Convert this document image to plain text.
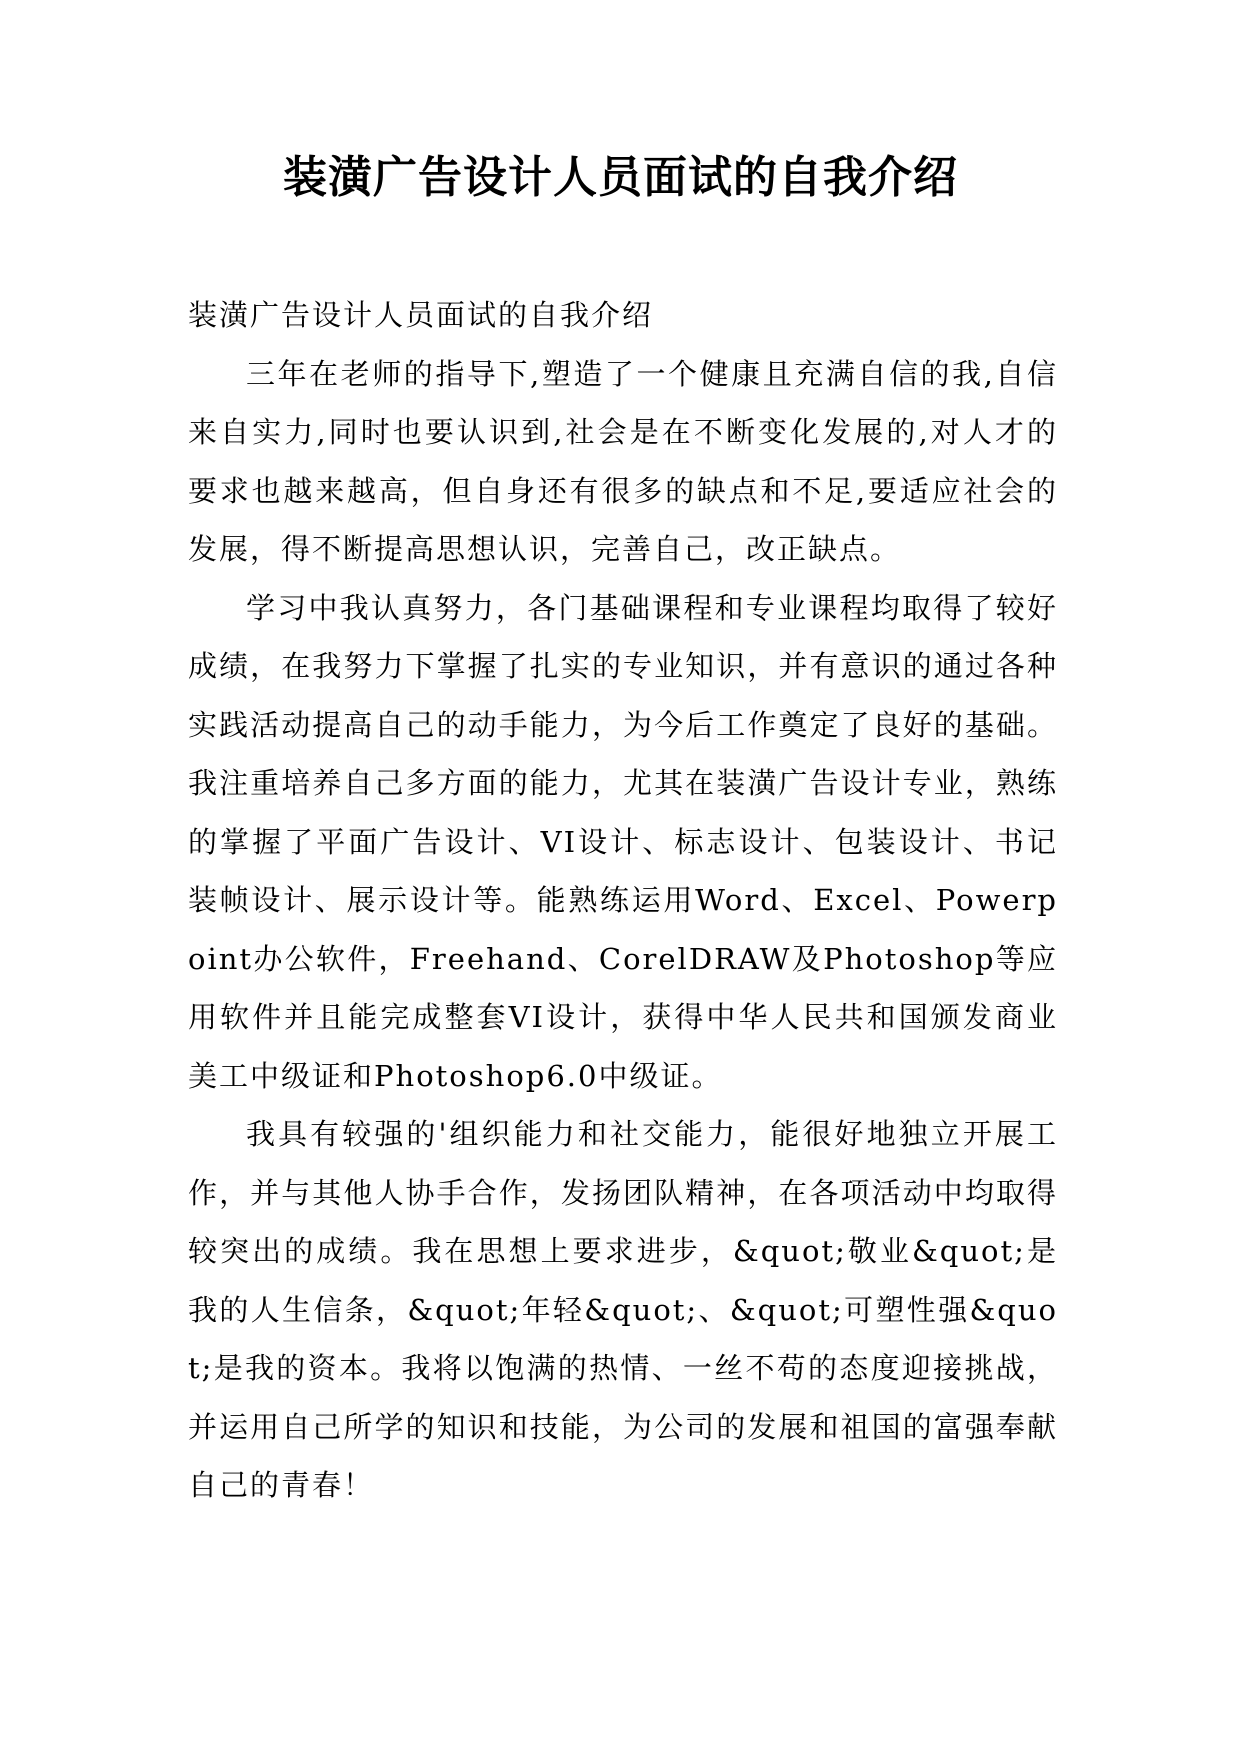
装潢广告设计人员面试的自我介绍

装潢广告设计人员面试的自我介绍

三年在老师的指导下,塑造了一个健康且充满自信的我,自信来自实力,同时也要认识到,社会是在不断变化发展的,对人才的要求也越来越高，但自身还有很多的缺点和不足,要适应社会的发展，得不断提高思想认识，完善自己，改正缺点。

学习中我认真努力，各门基础课程和专业课程均取得了较好成绩，在我努力下掌握了扎实的专业知识，并有意识的通过各种实践活动提高自己的动手能力，为今后工作奠定了良好的基础。我注重培养自己多方面的能力，尤其在装潢广告设计专业，熟练的掌握了平面广告设计、VI设计、标志设计、包装设计、书记装帧设计、展示设计等。能熟练运用Word、Excel、Powerpoint办公软件，Freehand、CorelDRAW及Photoshop等应用软件并且能完成整套VI设计，获得中华人民共和国颁发商业美工中级证和Photoshop6.0中级证。

我具有较强的'组织能力和社交能力，能很好地独立开展工作，并与其他人协手合作，发扬团队精神，在各项活动中均取得较突出的成绩。我在思想上要求进步，&quot;敬业&quot;是我的人生信条，&quot;年轻&quot;、&quot;可塑性强&quot;是我的资本。我将以饱满的热情、一丝不苟的态度迎接挑战，并运用自己所学的知识和技能，为公司的发展和祖国的富强奉献自己的青春！
